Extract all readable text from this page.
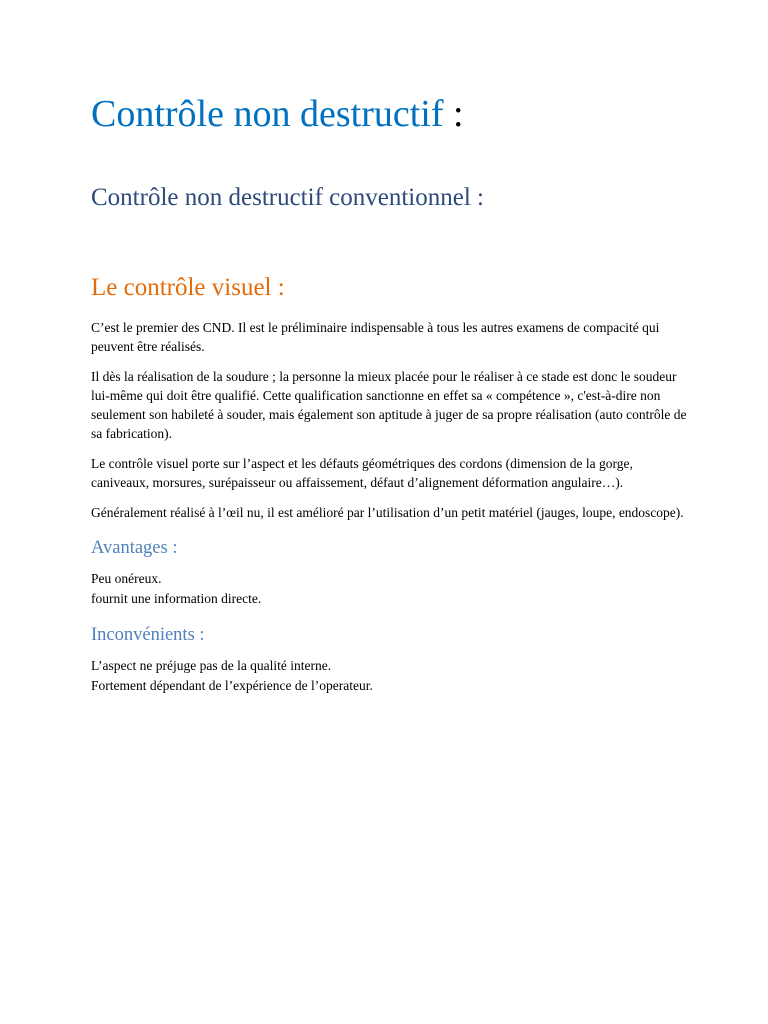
Contrôle non destructif :
Contrôle non destructif conventionnel :
Le contrôle visuel :

C’est le premier des CND. Il est le préliminaire indispensable à tous les autres examens de compacité qui peuvent être réalisés.

Il dès la réalisation de la soudure ; la personne la mieux placée pour le réaliser à ce stade est donc le soudeur lui-même qui doit être qualifié. Cette qualification sanctionne en effet sa « compétence », c'est-à-dire non seulement son habileté à souder, mais également son aptitude à juger de sa propre réalisation (auto contrôle de sa fabrication).

Le contrôle visuel porte sur l’aspect et les défauts géométriques des cordons (dimension de la gorge, caniveaux, morsures, surépaisseur ou affaissement, défaut d’alignement déformation angulaire…).

Généralement réalisé à l’œil nu, il est amélioré par l’utilisation d’un petit matériel (jauges, loupe, endoscope).

Avantages :
Peu onéreux.
fournit une information directe.
Inconvénients :
L’aspect ne préjuge pas de la qualité interne.
Fortement dépendant de l’expérience de l’operateur.
